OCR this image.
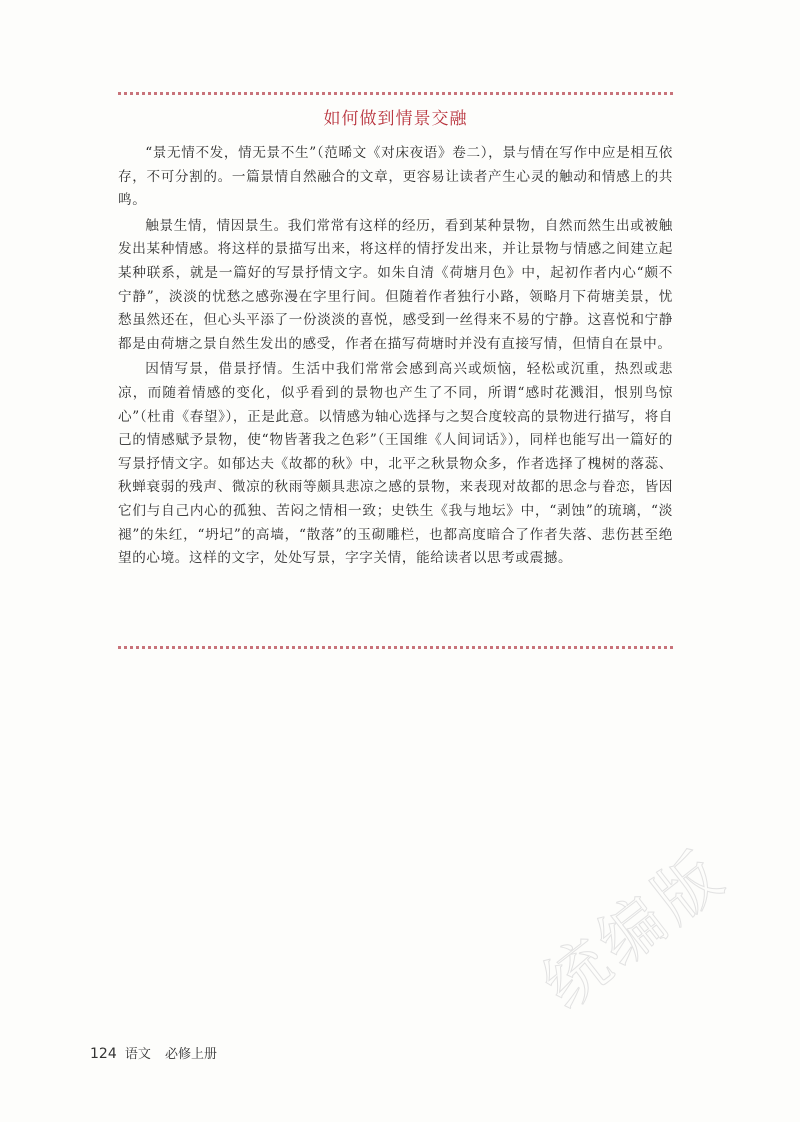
如何做到情景交融

“景无情不发，情无景不生”（范晞文《对床夜语》卷二），景与情在写作中应是相互依存，不可分割的。一篇景情自然融合的文章，更容易让读者产生心灵的触动和情感上的共鸣。

触景生情，情因景生。我们常常有这样的经历，看到某种景物，自然而然生出或被触发出某种情感。将这样的景描写出来，将这样的情抒发出来，并让景物与情感之间建立起某种联系，就是一篇好的写景抒情文字。如朱自清《荷塘月色》中，起初作者内心“颇不宁静”，淡淡的忧愁之感弥漫在字里行间。但随着作者独行小路，领略月下荷塘美景，忧愁虽然还在，但心头平添了一份淡淡的喜悦，感受到一丝得来不易的宁静。这喜悦和宁静都是由荷塘之景自然生发出的感受，作者在描写荷塘时并没有直接写情，但情自在景中。

因情写景，借景抒情。生活中我们常常会感到高兴或烦恼，轻松或沉重，热烈或悲凉，而随着情感的变化，似乎看到的景物也产生了不同，所谓“感时花溅泪，恨别鸟惊心”（杜甫《春望》），正是此意。以情感为轴心选择与之契合度较高的景物进行描写，将自己的情感赋予景物，使“物皆著我之色彩”（王国维《人间词话》），同样也能写出一篇好的写景抒情文字。如郁达夫《故都的秋》中，北平之秋景物众多，作者选择了槐树的落蕊、秋蝉衰弱的残声、微凉的秋雨等颇具悲凉之感的景物，来表现对故都的思念与眷恋，皆因它们与自己内心的孤独、苦闷之情相一致；史铁生《我与地坛》中，“剥蚀”的琉璃，“淡褪”的朱红，“坍圮”的高墙，“散落”的玉砌雕栏，也都高度暗合了作者失落、悲伤甚至绝望的心境。这样的文字，处处写景，字字关情，能给读者以思考或震撼。

统编版
124 语文 必修上册
